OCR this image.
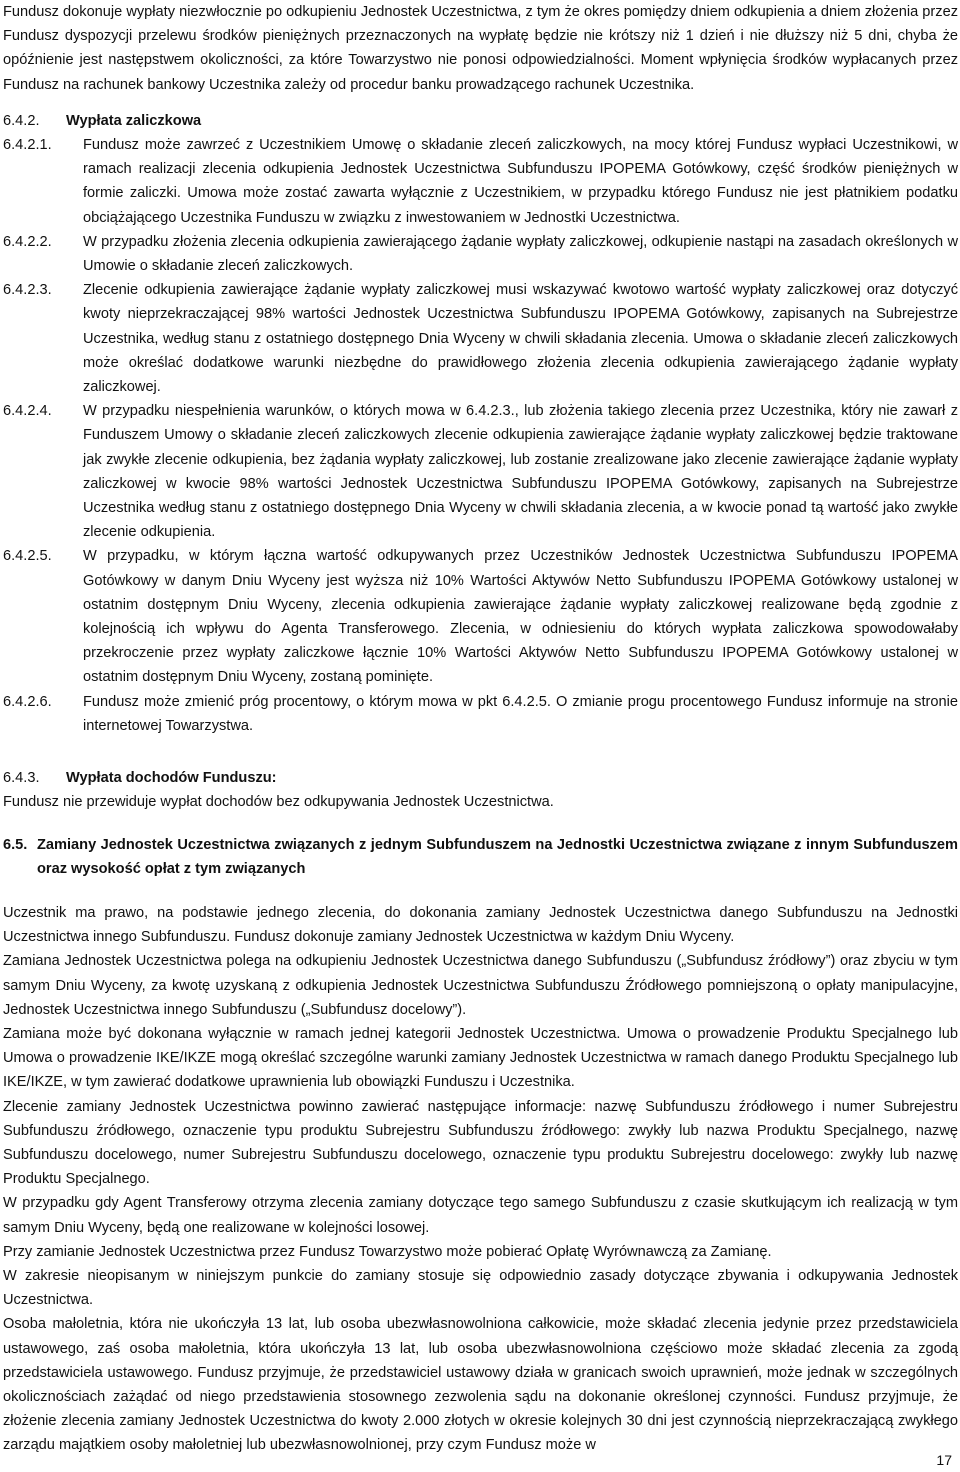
Fundusz dokonuje wypłaty niezwłocznie po odkupieniu Jednostek Uczestnictwa, z tym że okres pomiędzy dniem odkupienia a dniem złożenia przez Fundusz dyspozycji przelewu środków pieniężnych przeznaczonych na wypłatę będzie nie krótszy niż 1 dzień i nie dłuższy niż 5 dni, chyba że opóźnienie jest następstwem okoliczności, za które Towarzystwo nie ponosi odpowiedzialności. Moment wpłynięcia środków wypłacanych przez Fundusz na rachunek bankowy Uczestnika zależy od procedur banku prowadzącego rachunek Uczestnika.

6.4.2.	Wypłata zaliczkowa
6.4.2.1.	Fundusz może zawrzeć z Uczestnikiem Umowę o składanie zleceń zaliczkowych, na mocy której Fundusz wypłaci Uczestnikowi, w ramach realizacji zlecenia odkupienia Jednostek Uczestnictwa Subfunduszu IPOPEMA Gotówkowy, część środków pieniężnych w formie zaliczki. Umowa może zostać zawarta wyłącznie z Uczestnikiem, w przypadku którego Fundusz nie jest płatnikiem podatku obciążającego Uczestnika Funduszu w związku z inwestowaniem w Jednostki Uczestnictwa.
6.4.2.2.	W przypadku złożenia zlecenia odkupienia zawierającego żądanie wypłaty zaliczkowej, odkupienie nastąpi na zasadach określonych w Umowie o składanie zleceń zaliczkowych.
6.4.2.3.	Zlecenie odkupienia zawierające żądanie wypłaty zaliczkowej musi wskazywać kwotowo wartość wypłaty zaliczkowej oraz dotyczyć kwoty nieprzekraczającej 98% wartości Jednostek Uczestnictwa Subfunduszu IPOPEMA Gotówkowy, zapisanych na Subrejestrze Uczestnika, według stanu z ostatniego dostępnego Dnia Wyceny w chwili składania zlecenia. Umowa o składanie zleceń zaliczkowych może określać dodatkowe warunki niezbędne do prawidłowego złożenia zlecenia odkupienia zawierającego żądanie wypłaty zaliczkowej.
6.4.2.4.	W przypadku niespełnienia warunków, o których mowa w 6.4.2.3., lub złożenia takiego zlecenia przez Uczestnika, który nie zawarł z Funduszem Umowy o składanie zleceń zaliczkowych zlecenie odkupienia zawierające żądanie wypłaty zaliczkowej będzie traktowane jak zwykłe zlecenie odkupienia, bez żądania wypłaty zaliczkowej, lub zostanie zrealizowane jako zlecenie zawierające żądanie wypłaty zaliczkowej w kwocie 98% wartości Jednostek Uczestnictwa Subfunduszu IPOPEMA Gotówkowy, zapisanych na Subrejestrze Uczestnika według stanu z ostatniego dostępnego Dnia Wyceny w chwili składania zlecenia, a w kwocie ponad tą wartość jako zwykłe zlecenie odkupienia.
6.4.2.5.	W przypadku, w którym łączna wartość odkupywanych przez Uczestników Jednostek Uczestnictwa Subfunduszu IPOPEMA Gotówkowy w danym Dniu Wyceny jest wyższa niż 10% Wartości Aktywów Netto Subfunduszu IPOPEMA Gotówkowy ustalonej w ostatnim dostępnym Dniu Wyceny, zlecenia odkupienia zawierające żądanie wypłaty zaliczkowej realizowane będą zgodnie z kolejnością ich wpływu do Agenta Transferowego. Zlecenia, w odniesieniu do których wypłata zaliczkowa spowodowałaby przekroczenie przez wypłaty zaliczkowe łącznie 10% Wartości Aktywów Netto Subfunduszu IPOPEMA Gotówkowy ustalonej w ostatnim dostępnym Dniu Wyceny, zostaną pominięte.
6.4.2.6.	Fundusz może zmienić próg procentowy, o którym mowa w pkt 6.4.2.5. O zmianie progu procentowego Fundusz informuje na stronie internetowej Towarzystwa.
6.4.3.	Wypłata dochodów Funduszu:

Fundusz nie przewiduje wypłat dochodów bez odkupywania Jednostek Uczestnictwa.

6.5. Zamiany Jednostek Uczestnictwa związanych z jednym Subfunduszem na Jednostki Uczestnictwa związane z innym Subfunduszem oraz wysokość opłat z tym związanych

Uczestnik ma prawo, na podstawie jednego zlecenia, do dokonania zamiany Jednostek Uczestnictwa danego Subfunduszu na Jednostki Uczestnictwa innego Subfunduszu. Fundusz dokonuje zamiany Jednostek Uczestnictwa w każdym Dniu Wyceny.

Zamiana Jednostek Uczestnictwa polega na odkupieniu Jednostek Uczestnictwa danego Subfunduszu („Subfundusz źródłowy”) oraz zbyciu w tym samym Dniu Wyceny, za kwotę uzyskaną z odkupienia Jednostek Uczestnictwa Subfunduszu Źródłowego pomniejszoną o opłaty manipulacyjne, Jednostek Uczestnictwa innego Subfunduszu („Subfundusz docelowy”).

Zamiana może być dokonana wyłącznie w ramach jednej kategorii Jednostek Uczestnictwa. Umowa o prowadzenie Produktu Specjalnego lub Umowa o prowadzenie IKE/IKZE mogą określać szczególne warunki zamiany Jednostek Uczestnictwa w ramach danego Produktu Specjalnego lub IKE/IKZE, w tym zawierać dodatkowe uprawnienia lub obowiązki Funduszu i Uczestnika.

Zlecenie zamiany Jednostek Uczestnictwa powinno zawierać następujące informacje: nazwę Subfunduszu źródłowego i numer Subrejestru Subfunduszu źródłowego, oznaczenie typu produktu Subrejestru Subfunduszu źródłowego: zwykły lub nazwa Produktu Specjalnego, nazwę Subfunduszu docelowego, numer Subrejestru Subfunduszu docelowego, oznaczenie typu produktu Subrejestru docelowego: zwykły lub nazwę Produktu Specjalnego.

W przypadku gdy Agent Transferowy otrzyma zlecenia zamiany dotyczące tego samego Subfunduszu z czasie skutkującym ich realizacją w tym samym Dniu Wyceny, będą one realizowane w kolejności losowej.

Przy zamianie Jednostek Uczestnictwa przez Fundusz Towarzystwo może pobierać Opłatę Wyrównawczą za Zamianę.

W zakresie nieopisanym w niniejszym punkcie do zamiany stosuje się odpowiednio zasady dotyczące zbywania i odkupywania Jednostek Uczestnictwa.

Osoba małoletnia, która nie ukończyła 13 lat, lub osoba ubezwłasnowolniona całkowicie, może składać zlecenia jedynie przez przedstawiciela ustawowego, zaś osoba małoletnia, która ukończyła 13 lat, lub osoba ubezwłasnowolniona częściowo może składać zlecenia za zgodą przedstawiciela ustawowego. Fundusz przyjmuje, że przedstawiciel ustawowy działa w granicach swoich uprawnień, może jednak w szczególnych okolicznościach zażądać od niego przedstawienia stosownego zezwolenia sądu na dokonanie określonej czynności. Fundusz przyjmuje, że złożenie zlecenia zamiany Jednostek Uczestnictwa do kwoty 2.000 złotych w okresie kolejnych 30 dni jest czynnością nieprzekraczającą zwykłego zarządu majątkiem osoby małoletniej lub ubezwłasnowolnionej, przy czym Fundusz może w

17
